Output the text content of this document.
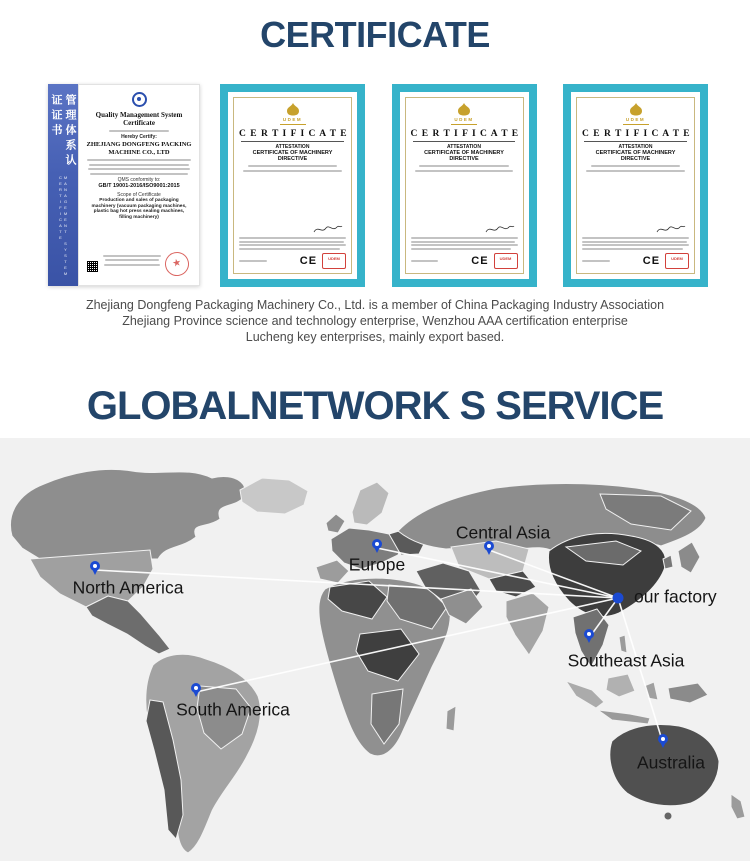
CERTIFICATE
管理体系认证证书
MANAGEMENT SYSTEM CERTIFICATE
Quality Management System Certificate
Hereby Certify:
ZHEJIANG DONGFENG PACKING
MACHINE CO., LTD
QMS conformity to:
GB/T 19001-2016/ISO9001:2015
Scope of Certificate
Production and sales of packaging machinery (vacuum packaging machines, plastic bag hot press sealing machines, filling machinery)
★
UDEM
C E R T I F I C A T E
ATTESTATION
CERTIFICATE OF MACHINERY DIRECTIVE
CE	UDEM
UDEM
C E R T I F I C A T E
ATTESTATION
CERTIFICATE OF MACHINERY DIRECTIVE
CE	UDEM
UDEM
C E R T I F I C A T E
ATTESTATION
CERTIFICATE OF MACHINERY DIRECTIVE
CE	UDEM
Zhejiang Dongfeng Packaging Machinery Co., Ltd. is a member of China Packaging Industry Association
Zhejiang Province science and technology enterprise, Wenzhou AAA certification enterprise
Lucheng key enterprises, mainly export based.
GLOBALNETWORK S SERVICE
North America
Europe
Central Asia
Southeast Asia
South America
Australia
our factory
